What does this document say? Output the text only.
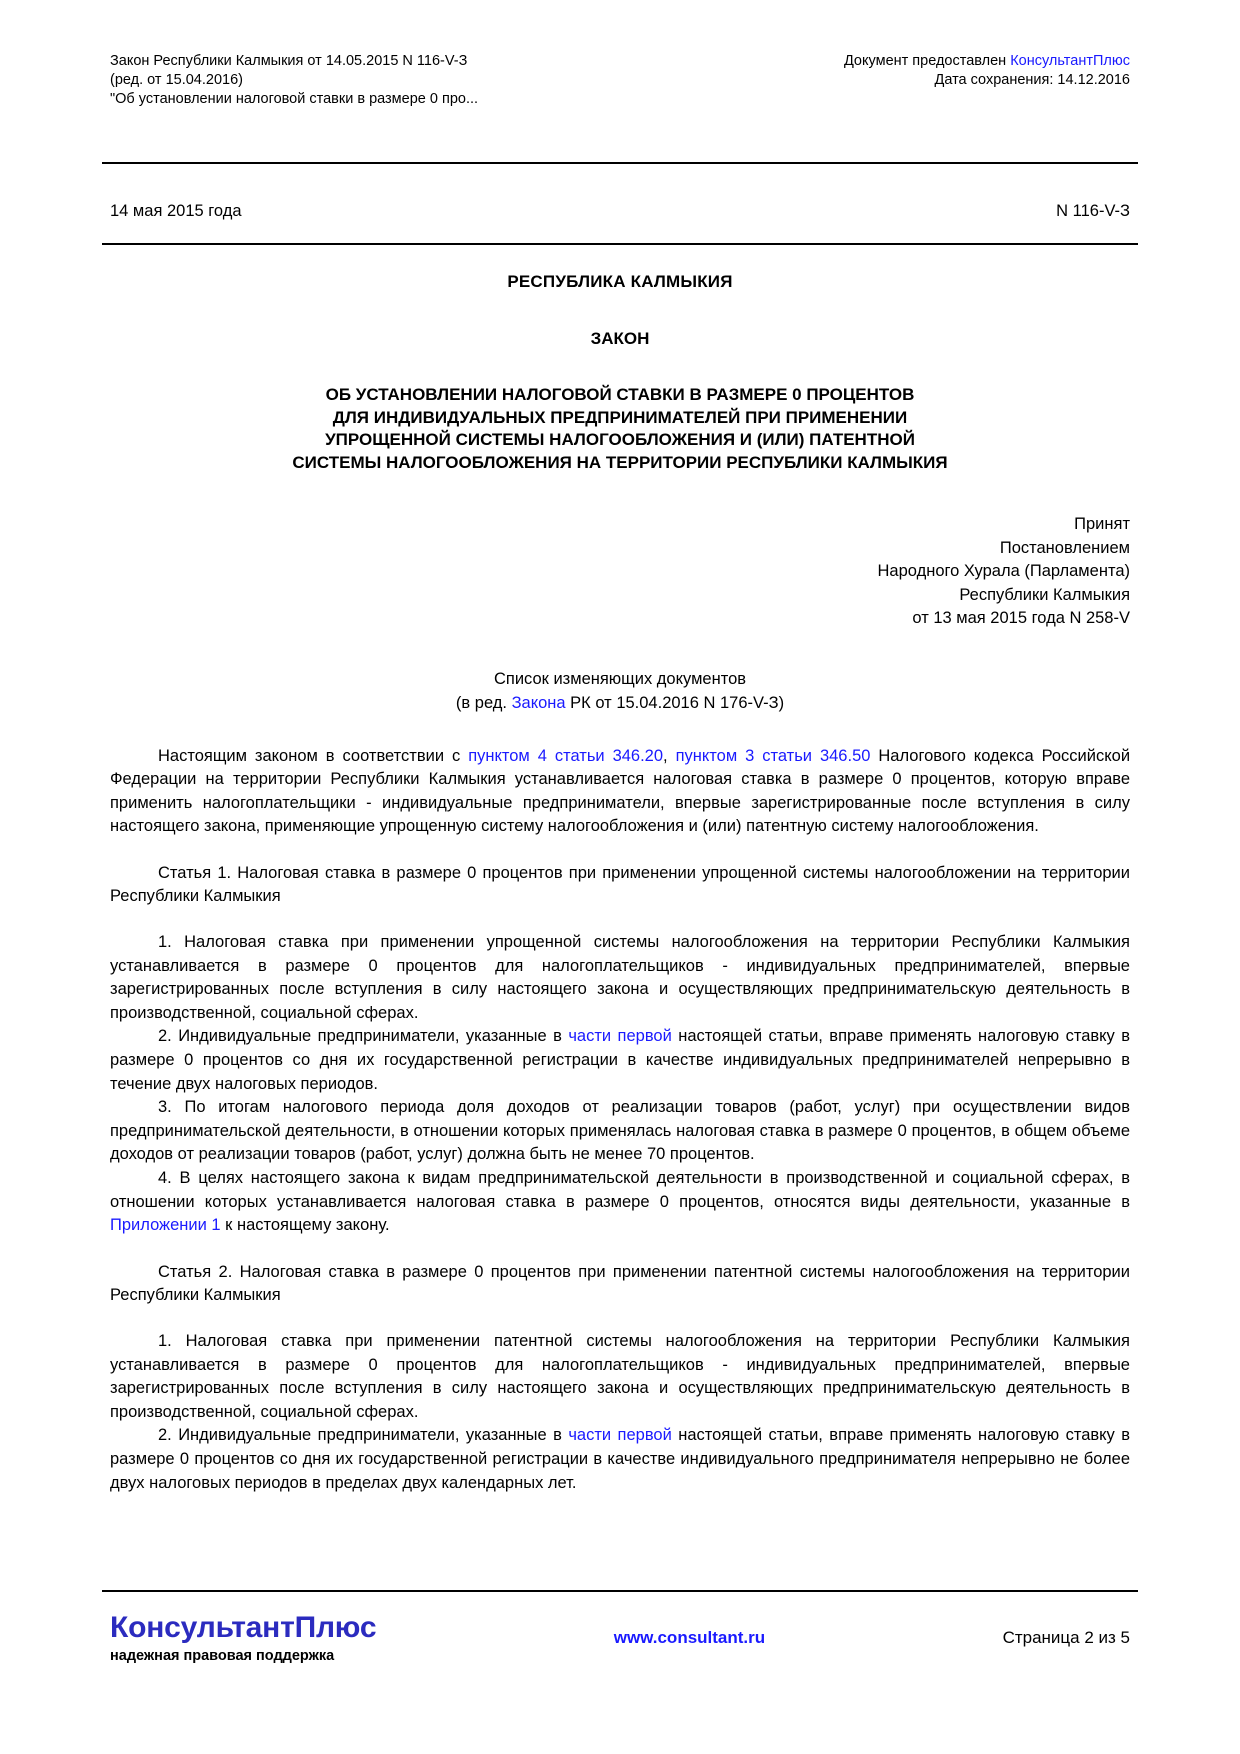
Закон Республики Калмыкия от 14.05.2015 N 116-V-З
(ред. от 15.04.2016)
"Об установлении налоговой ставки в размере 0 про...
Документ предоставлен КонсультантПлюс
Дата сохранения: 14.12.2016
14 мая 2015 года	N 116-V-З
РЕСПУБЛИКА КАЛМЫКИЯ
ЗАКОН
ОБ УСТАНОВЛЕНИИ НАЛОГОВОЙ СТАВКИ В РАЗМЕРЕ 0 ПРОЦЕНТОВ
ДЛЯ ИНДИВИДУАЛЬНЫХ ПРЕДПРИНИМАТЕЛЕЙ ПРИ ПРИМЕНЕНИИ
УПРОЩЕННОЙ СИСТЕМЫ НАЛОГООБЛОЖЕНИЯ И (ИЛИ) ПАТЕНТНОЙ
СИСТЕМЫ НАЛОГООБЛОЖЕНИЯ НА ТЕРРИТОРИИ РЕСПУБЛИКИ КАЛМЫКИЯ
Принят
Постановлением
Народного Хурала (Парламента)
Республики Калмыкия
от 13 мая 2015 года N 258-V
Список изменяющих документов
(в ред. Закона РК от 15.04.2016 N 176-V-З)

Настоящим законом в соответствии с пунктом 4 статьи 346.20, пунктом 3 статьи 346.50 Налогового кодекса Российской Федерации на территории Республики Калмыкия устанавливается налоговая ставка в размере 0 процентов, которую вправе применить налогоплательщики - индивидуальные предприниматели, впервые зарегистрированные после вступления в силу настоящего закона, применяющие упрощенную систему налогообложения и (или) патентную систему налогообложения.

Статья 1. Налоговая ставка в размере 0 процентов при применении упрощенной системы налогообложении на территории Республики Калмыкия

1. Налоговая ставка при применении упрощенной системы налогообложения на территории Республики Калмыкия устанавливается в размере 0 процентов для налогоплательщиков - индивидуальных предпринимателей, впервые зарегистрированных после вступления в силу настоящего закона и осуществляющих предпринимательскую деятельность в производственной, социальной сферах.

2. Индивидуальные предприниматели, указанные в части первой настоящей статьи, вправе применять налоговую ставку в размере 0 процентов со дня их государственной регистрации в качестве индивидуальных предпринимателей непрерывно в течение двух налоговых периодов.

3. По итогам налогового периода доля доходов от реализации товаров (работ, услуг) при осуществлении видов предпринимательской деятельности, в отношении которых применялась налоговая ставка в размере 0 процентов, в общем объеме доходов от реализации товаров (работ, услуг) должна быть не менее 70 процентов.

4. В целях настоящего закона к видам предпринимательской деятельности в производственной и социальной сферах, в отношении которых устанавливается налоговая ставка в размере 0 процентов, относятся виды деятельности, указанные в Приложении 1 к настоящему закону.

Статья 2. Налоговая ставка в размере 0 процентов при применении патентной системы налогообложения на территории Республики Калмыкия

1. Налоговая ставка при применении патентной системы налогообложения на территории Республики Калмыкия устанавливается в размере 0 процентов для налогоплательщиков - индивидуальных предпринимателей, впервые зарегистрированных после вступления в силу настоящего закона и осуществляющих предпринимательскую деятельность в производственной, социальной сферах.

2. Индивидуальные предприниматели, указанные в части первой настоящей статьи, вправе применять налоговую ставку в размере 0 процентов со дня их государственной регистрации в качестве индивидуального предпринимателя непрерывно не более двух налоговых периодов в пределах двух календарных лет.

КонсультантПлюс
надежная правовая поддержка
www.consultant.ru	Страница 2 из 5
